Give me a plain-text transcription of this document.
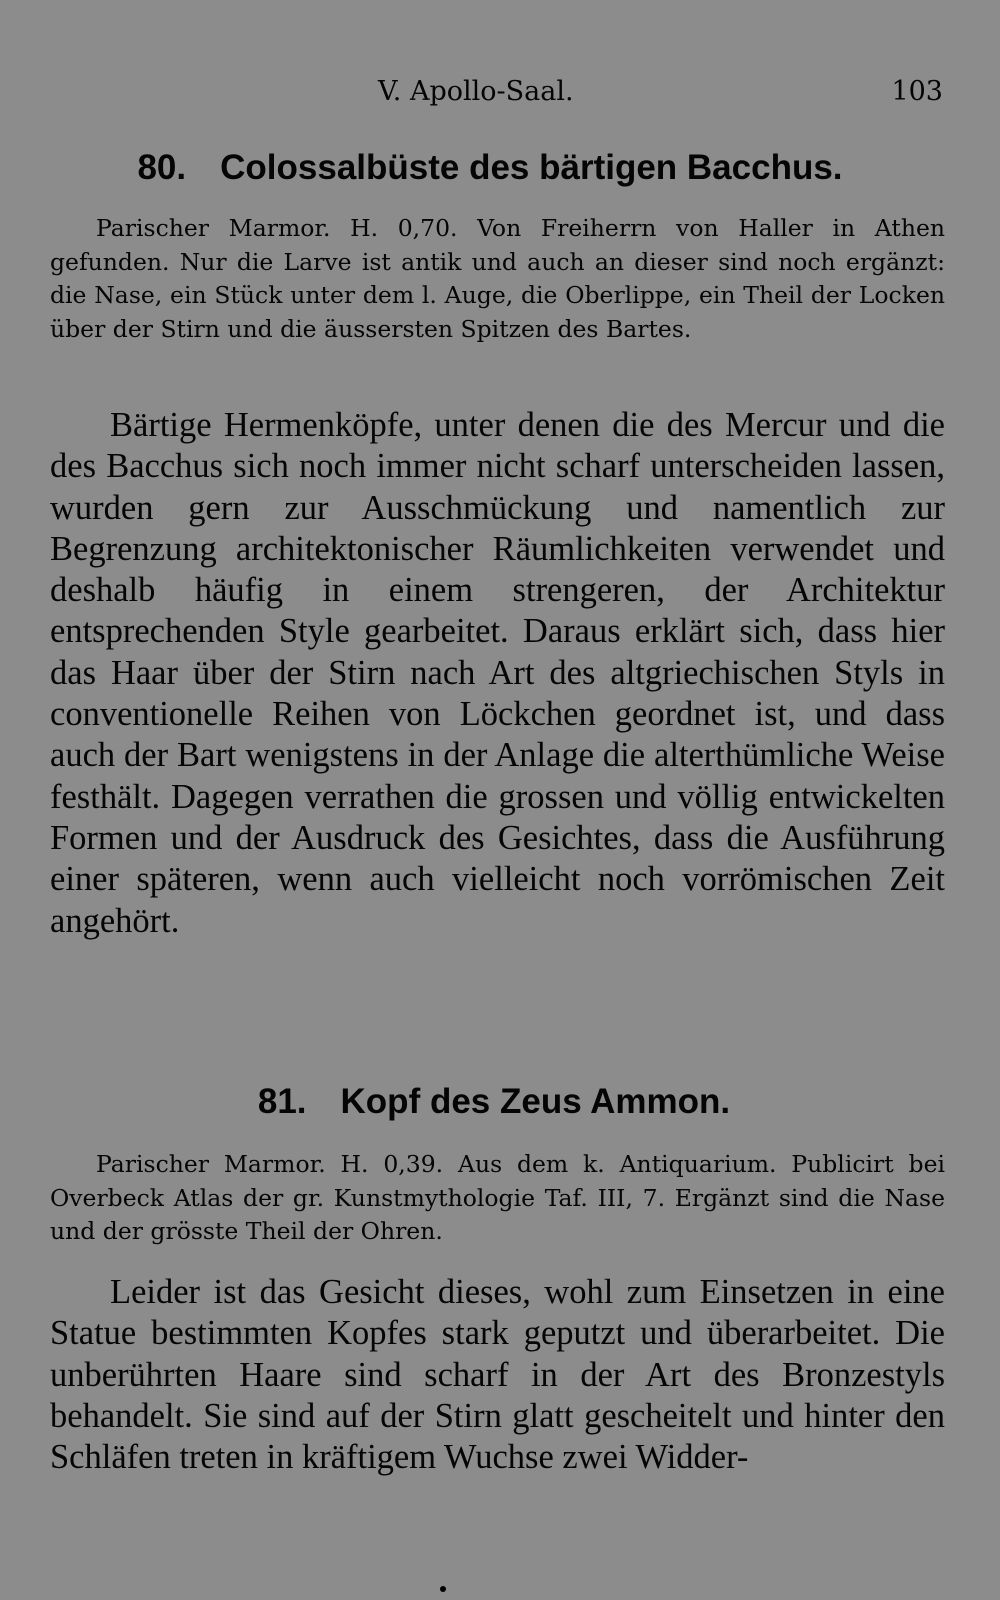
V. Apollo-Saal.	103
80. Colossalbüste des bärtigen Bacchus.
Parischer Marmor. H. 0,70. Von Freiherrn von Haller in Athen gefunden. Nur die Larve ist antik und auch an dieser sind noch ergänzt: die Nase, ein Stück unter dem l. Auge, die Oberlippe, ein Theil der Locken über der Stirn und die äussersten Spitzen des Bartes.
Bärtige Hermenköpfe, unter denen die des Mercur und die des Bacchus sich noch immer nicht scharf unterscheiden lassen, wurden gern zur Ausschmückung und namentlich zur Begrenzung architektonischer Räumlichkeiten verwendet und deshalb häufig in einem strengeren, der Architektur entsprechenden Style gearbeitet. Daraus erklärt sich, dass hier das Haar über der Stirn nach Art des altgriechischen Styls in conventionelle Reihen von Löckchen geordnet ist, und dass auch der Bart wenigstens in der Anlage die alterthümliche Weise festhält. Dagegen verrathen die grossen und völlig entwickelten Formen und der Ausdruck des Gesichtes, dass die Ausführung einer späteren, wenn auch vielleicht noch vorrömischen Zeit angehört.
81. Kopf des Zeus Ammon.
Parischer Marmor. H. 0,39. Aus dem k. Antiquarium. Publicirt bei Overbeck Atlas der gr. Kunstmythologie Taf. III, 7. Ergänzt sind die Nase und der grösste Theil der Ohren.
Leider ist das Gesicht dieses, wohl zum Einsetzen in eine Statue bestimmten Kopfes stark geputzt und überarbeitet. Die unberührten Haare sind scharf in der Art des Bronzestyls behandelt. Sie sind auf der Stirn glatt gescheitelt und hinter den Schläfen treten in kräftigem Wuchse zwei Widder-
